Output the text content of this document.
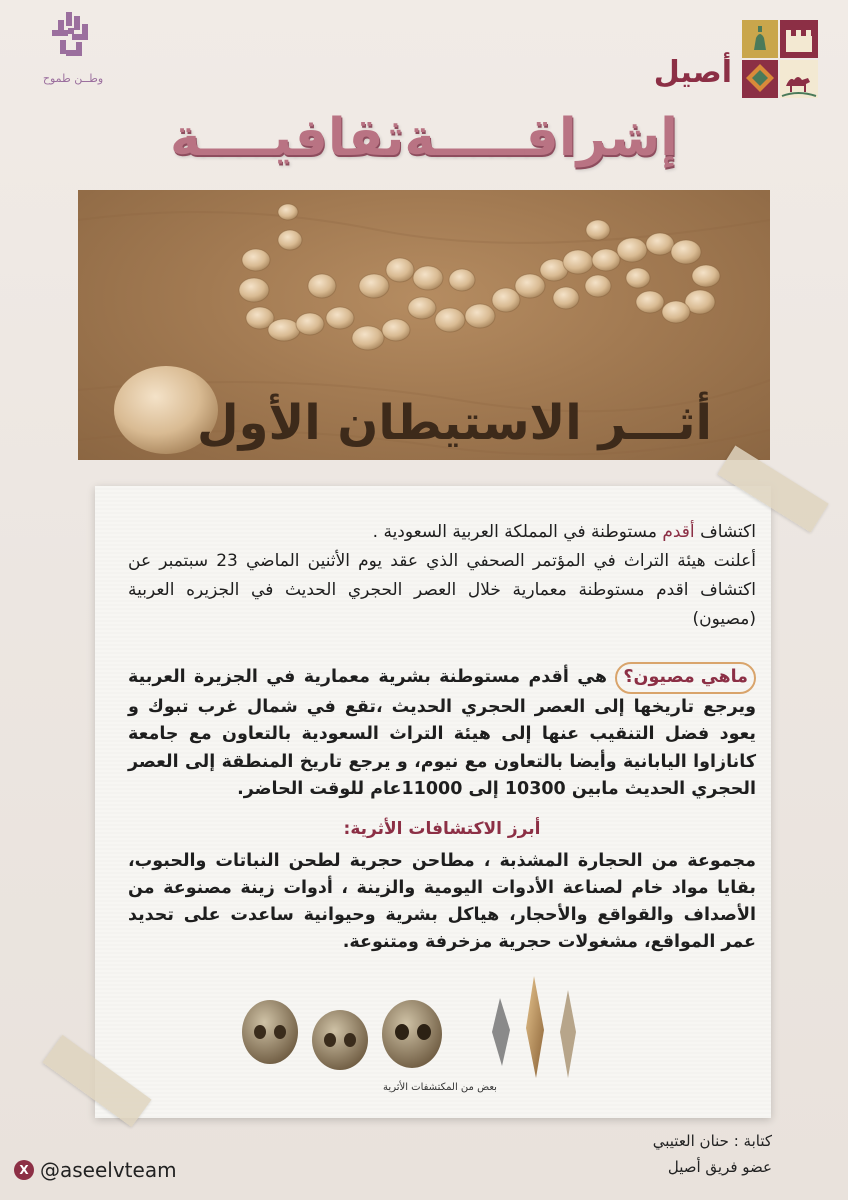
وطــن طموح	أصيل
إشراقـــــةثقافيــــة
أثـــر الاستيطان الأول
اكتشاف أقدم مستوطنة في المملكة العربية السعودية .
أعلنت هيئة التراث في المؤتمر الصحفي الذي عقد يوم الأثنين الماضي 23 سبتمبر عن اكتشاف اقدم مستوطنة معمارية خلال العصر الحجري الحديث في الجزيره العربية (مصيون)
ماهي مصيون؟ هي أقدم مستوطنة بشرية معمارية في الجزيرة العربية ويرجع تاريخها إلى العصر الحجري الحديث ،تقع في شمال غرب تبوك و يعود فضل التنقيب عنها إلى هيئة التراث السعودية بالتعاون مع جامعة كانازاوا اليابانية وأيضا بالتعاون مع نيوم، و يرجع تاريخ المنطقة إلى العصر الحجري الحديث مابين 10300 إلى 11000عام للوقت الحاضر.
أبرز الاكتشافات الأثرية:
مجموعة من الحجارة المشذبة ، مطاحن حجرية لطحن النباتات والحبوب، بقايا مواد خام لصناعة الأدوات اليومية والزينة ، أدوات زينة مصنوعة من الأصداف والقواقع والأحجار، هياكل بشرية وحيوانية ساعدت على تحديد عمر المواقع، مشغولات حجرية مزخرفة ومتنوعة.
بعض من المكتشفات الأثرية
X @aseelvteam
كتابة : حنان العتيبي
عضو فريق أصيل
